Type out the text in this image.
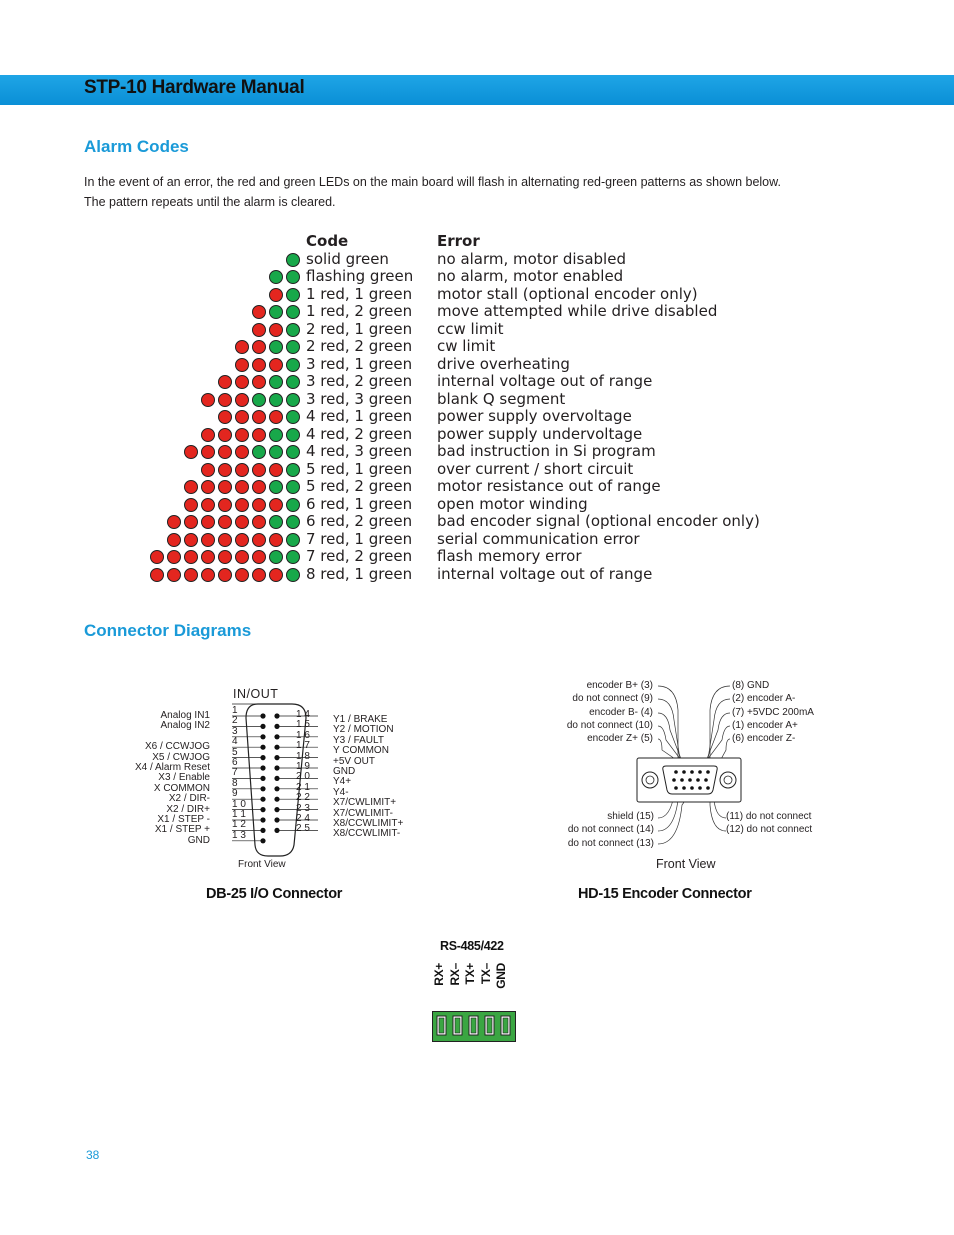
STP-10 Hardware Manual
Alarm Codes
In the event of an error, the red and green LEDs on the main board will flash in alternating red-green patterns as shown below.
The pattern repeats until the alarm is cleared.
Code	Error
solid green	no alarm, motor disabled
flashing green no alarm, motor enabled
1 red, 1 green motor stall (optional encoder only)
1 red, 2 green move attempted while drive disabled
2 red, 1 green ccw limit
2 red, 2 green cw limit
3 red, 1 green drive overheating
3 red, 2 green internal voltage out of range
3 red, 3 green blank Q segment
4 red, 1 green power supply overvoltage
4 red, 2 green power supply undervoltage
4 red, 3 green bad instruction in Si program
5 red, 1 green over current / short circuit
5 red, 2 green motor resistance out of range
6 red, 1 green open motor winding
6 red, 2 green bad encoder signal (optional encoder only)
7 red, 1 green serial communication error
7 red, 2 green flash memory error
8 red, 1 green internal voltage out of range
Connector Diagrams
IN/OUT
Analog IN1
Analog IN2
X6 / CCWJOG
X5 / CWJOG
X4 / Alarm Reset
X3 / Enable
X COMMON
X2 / DIR-
X2 / DIR+
X1 / STEP -
X1 / STEP +
GND
1
2
3
4
5
6
7
8
9
1 0
1 1
1 2
1 3
1 4
1 5
1 6
1 7
1 8
1 9
2 0
2 1
2 2
2 3
2 4
2 5
Y1 / BRAKE
Y2 / MOTION
Y3 / FAULT
Y COMMON
+5V OUT
GND
Y4+
Y4-
X7/CWLIMIT+
X7/CWLIMIT-
X8/CCWLIMIT+
X8/CCWLIMIT-
Front View
DB-25 I/O Connector
encoder B+ (3)
do not connect (9)
encoder B- (4)
do not connect (10)
encoder Z+ (5)
(8) GND
(2) encoder A-
(7) +5VDC 200mA
(1) encoder A+
(6) encoder Z-
shield (15)
do not connect (14)
do not connect (13)
(11) do not connect
(12) do not connect
Front View
HD-15 Encoder Connector
RS-485/422
RX+ RX– TX+ TX– GND
38
